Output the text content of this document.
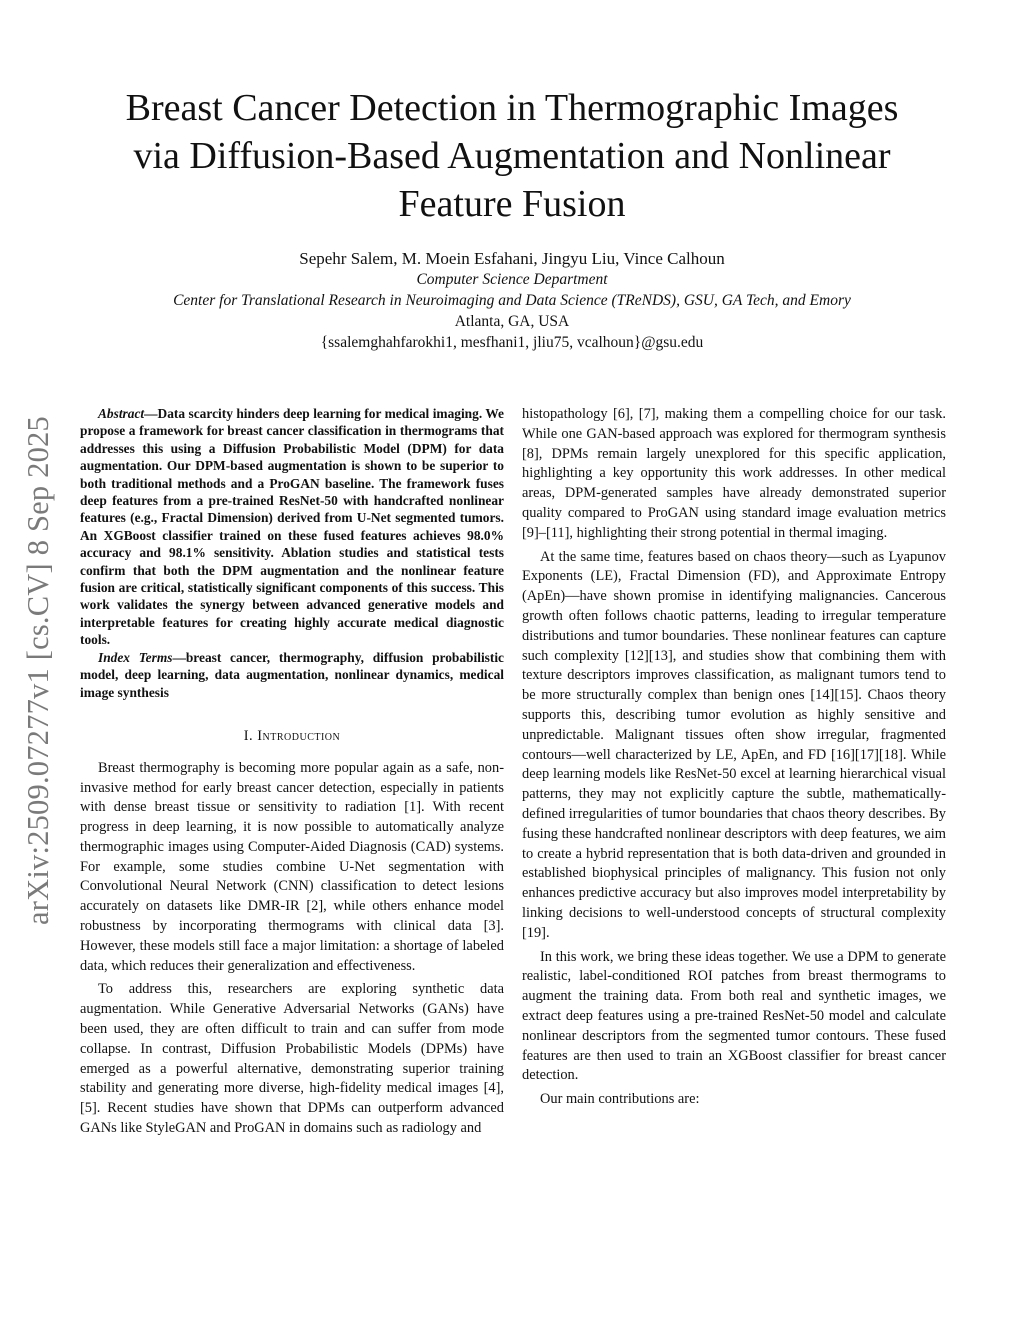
arXiv:2509.07277v1 [cs.CV] 8 Sep 2025
Breast Cancer Detection in Thermographic Images
via Diffusion-Based Augmentation and Nonlinear
Feature Fusion
Sepehr Salem, M. Moein Esfahani, Jingyu Liu, Vince Calhoun
Computer Science Department
Center for Translational Research in Neuroimaging and Data Science (TReNDS), GSU, GA Tech, and Emory
Atlanta, GA, USA
{ssalemghahfarokhi1, mesfhani1, jliu75, vcalhoun}@gsu.edu

Abstract—Data scarcity hinders deep learning for medical imaging. We propose a framework for breast cancer classification in thermograms that addresses this using a Diffusion Probabilistic Model (DPM) for data augmentation. Our DPM-based augmentation is shown to be superior to both traditional methods and a ProGAN baseline. The framework fuses deep features from a pre-trained ResNet-50 with handcrafted nonlinear features (e.g., Fractal Dimension) derived from U-Net segmented tumors. An XGBoost classifier trained on these fused features achieves 98.0% accuracy and 98.1% sensitivity. Ablation studies and statistical tests confirm that both the DPM augmentation and the nonlinear feature fusion are critical, statistically significant components of this success. This work validates the synergy between advanced generative models and interpretable features for creating highly accurate medical diagnostic tools.

Index Terms—breast cancer, thermography, diffusion probabilistic model, deep learning, data augmentation, nonlinear dynamics, medical image synthesis

I. Introduction

Breast thermography is becoming more popular again as a safe, non-invasive method for early breast cancer detection, especially in patients with dense breast tissue or sensitivity to radiation [1]. With recent progress in deep learning, it is now possible to automatically analyze thermographic images using Computer-Aided Diagnosis (CAD) systems. For example, some studies combine U-Net segmentation with Convolutional Neural Network (CNN) classification to detect lesions accurately on datasets like DMR-IR [2], while others enhance model robustness by incorporating thermograms with clinical data [3]. However, these models still face a major limitation: a shortage of labeled data, which reduces their generalization and effectiveness.

To address this, researchers are exploring synthetic data augmentation. While Generative Adversarial Networks (GANs) have been used, they are often difficult to train and can suffer from mode collapse. In contrast, Diffusion Probabilistic Models (DPMs) have emerged as a powerful alternative, demonstrating superior training stability and generating more diverse, high-fidelity medical images [4], [5]. Recent studies have shown that DPMs can outperform advanced GANs like StyleGAN and ProGAN in domains such as radiology and

histopathology [6], [7], making them a compelling choice for our task. While one GAN-based approach was explored for thermogram synthesis [8], DPMs remain largely unexplored for this specific application, highlighting a key opportunity this work addresses. In other medical areas, DPM-generated samples have already demonstrated superior quality compared to ProGAN using standard image evaluation metrics [9]–[11], highlighting their strong potential in thermal imaging.

At the same time, features based on chaos theory—such as Lyapunov Exponents (LE), Fractal Dimension (FD), and Approximate Entropy (ApEn)—have shown promise in identifying malignancies. Cancerous growth often follows chaotic patterns, leading to irregular temperature distributions and tumor boundaries. These nonlinear features can capture such complexity [12][13], and studies show that combining them with texture descriptors improves classification, as malignant tumors tend to be more structurally complex than benign ones [14][15]. Chaos theory supports this, describing tumor evolution as highly sensitive and unpredictable. Malignant tissues often show irregular, fragmented contours—well characterized by LE, ApEn, and FD [16][17][18]. While deep learning models like ResNet-50 excel at learning hierarchical visual patterns, they may not explicitly capture the subtle, mathematically-defined irregularities of tumor boundaries that chaos theory describes. By fusing these handcrafted nonlinear descriptors with deep features, we aim to create a hybrid representation that is both data-driven and grounded in established biophysical principles of malignancy. This fusion not only enhances predictive accuracy but also improves model interpretability by linking decisions to well-understood concepts of structural complexity [19].

In this work, we bring these ideas together. We use a DPM to generate realistic, label-conditioned ROI patches from breast thermograms to augment the training data. From both real and synthetic images, we extract deep features using a pre-trained ResNet-50 model and calculate nonlinear descriptors from the segmented tumor contours. These fused features are then used to train an XGBoost classifier for breast cancer detection.

Our main contributions are:
